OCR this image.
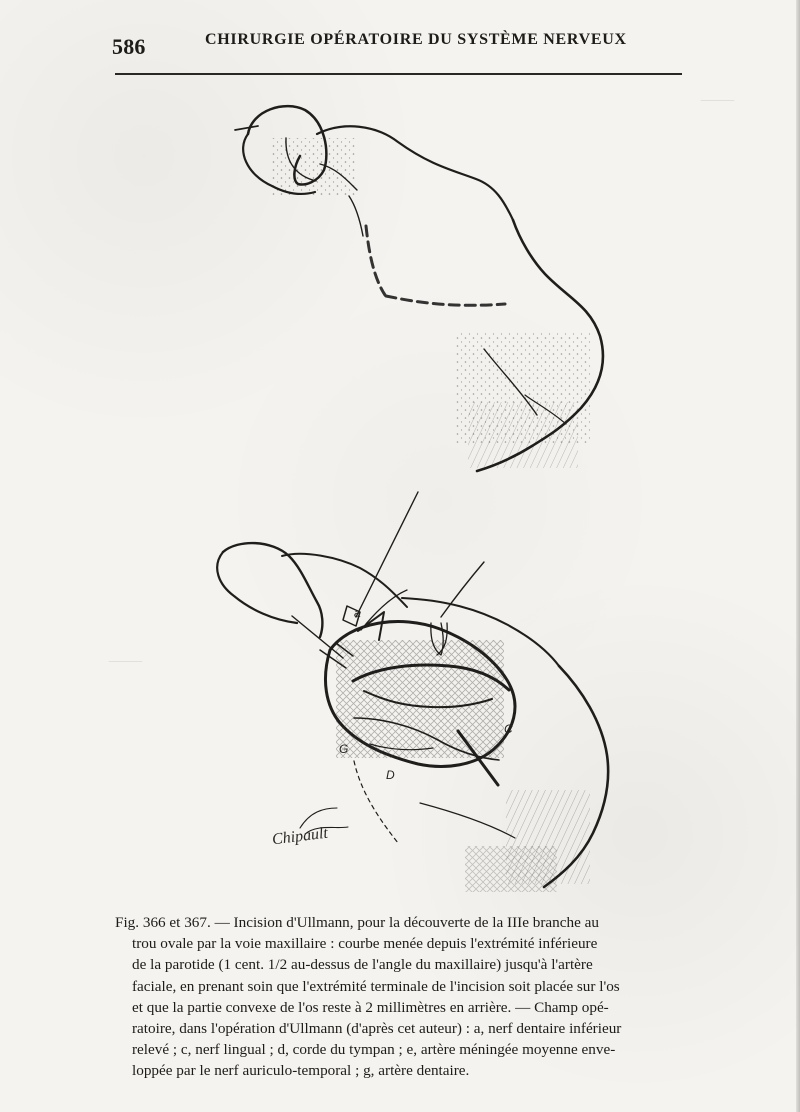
586	CHIRURGIE OPÉRATOIRE DU SYSTÈME NERVEUX
⸻
⸻
a
G
D
C
Chipault
Fig. 366 et 367. — Incision d'Ullmann, pour la découverte de la IIIe branche au
trou ovale par la voie maxillaire : courbe menée depuis l'extrémité inférieure
de la parotide (1 cent. 1/2 au-dessus de l'angle du maxillaire) jusqu'à l'artère
faciale, en prenant soin que l'extrémité terminale de l'incision soit placée sur l'os
et que la partie convexe de l'os reste à 2 millimètres en arrière. — Champ opé-
ratoire, dans l'opération d'Ullmann (d'après cet auteur) : a, nerf dentaire inférieur
relevé ; c, nerf lingual ; d, corde du tympan ; e, artère méningée moyenne enve-
loppée par le nerf auriculo-temporal ; g, artère dentaire.
